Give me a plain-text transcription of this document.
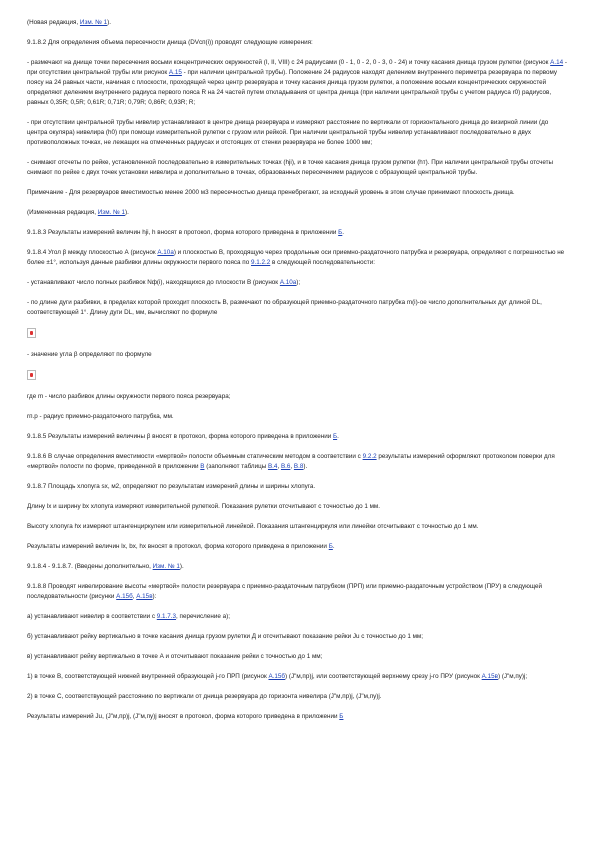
(Новая редакция, Изм. № 1).

9.1.8.2 Для определения объема пересечности днища (DVсп(i)) проводят следующие измерения:

- размечают на днище точки пересечения восьми концентрических окружностей (I, II, VIII) с 24 радиусами (0 - 1, 0 - 2, 0 - 3, 0 - 24) и точку касания днища грузом рулетки (рисунок А.14 - при отсутствии центральной трубы или рисунок А.15 - при наличии центральной трубы). Положение 24 радиусов находят делением внутреннего периметра резервуара по первому поясу на 24 равных части, начиная с плоскости, проходящей через центр резервуара и точку касания днища грузом рулетки, а положение восьми концентрических окружностей определяют делением внутреннего радиуса первого пояса R на 24 частей путем откладывания от центра днища (при наличии центральной трубы с учетом радиуса r0) радиусов, равных 0,35R; 0,5R; 0,61R; 0,71R; 0,79R; 0,86R; 0,93R; R;

- при отсутствии центральной трубы нивелир устанавливают в центре днища резервуара и измеряют расстояние по вертикали от горизонтального днища до визирной линии (до центра окуляра) нивелира (h0) при помощи измерительной рулетки с грузом или рейкой. При наличии центральной трубы нивелир устанавливают последовательно в двух противоположных точках, не лежащих на отмеченных радиусах и отстоящих от стенки резервуара не более 1000 мм;

- снимают отсчеты по рейке, установленной последовательно в измерительных точках (hji), и в точке касания днища грузом рулетки (hт). При наличии центральной трубы отсчеты снимают по рейке с двух точек установки нивелира и дополнительно в точках, образованных пересечением радиусов с образующей центральной трубы.

Примечание - Для резервуаров вместимостью менее 2000 м3 пересечностью днища пренебрегают, за исходный уровень в этом случае принимают плоскость днища.

(Измененная редакция, Изм. № 1).

9.1.8.3 Результаты измерений величин hji, h вносят в протокол, форма которого приведена в приложении Б.

9.1.8.4 Угол β между плоскостью А (рисунок А.10а) и плоскостью В, проходящую через продольные оси приемно-раздаточного патрубка и резервуара, определяют с погрешностью не более ±1°, используя данные разбивки длины окружности первого пояса по 9.1.2.2 в следующей последовательности:

- устанавливают число полных разбивок Nф(i), находящихся до плоскости В (рисунок А.10а);

- по длине дуги разбивки, в пределах которой проходит плоскость В, размечают по образующей приемно-раздаточного патрубка m(i)-ое число дополнительных дуг длиной DL, соответствующей 1°. Длину дуги DL, мм, вычисляют по формуле

- значение угла β определяют по формуле

где m - число разбивок длины окружности первого пояса резервуара;

rп.р - радиус приемно-раздаточного патрубка, мм.

9.1.8.5 Результаты измерений величины β вносят в протокол, форма которого приведена в приложении Б.

9.1.8.6 В случае определения вместимости «мертвой» полости объемным статическим методом в соответствии с 9.2.2 результаты измерений оформляют протоколом поверки для «мертвой» полости по форме, приведенной в приложении В (заполняют таблицы В.4, В.6, В.8).

9.1.8.7 Площадь хлопуга sx, м2, определяют по результатам измерений длины и ширины хлопуга.

Длину lx и ширину bx хлопуга измеряют измерительной рулеткой. Показания рулетки отсчитывают с точностью до 1 мм.

Высоту хлопуга hx измеряют штангенциркулем или измерительной линейкой. Показания штангенциркуля или линейки отсчитывают с точностью до 1 мм.

Результаты измерений величин lx, bx, hx вносят в протокол, форма которого приведена в приложении Б.

9.1.8.4 - 9.1.8.7. (Введены дополнительно, Изм. № 1).

9.1.8.8 Проводят нивелирование высоты «мертвой» полости резервуара с приемно-раздаточным патрубком (ПРП) или приемно-раздаточным устройством (ПРУ) в следующей последовательности (рисунки А.15б, А.15в):

а) устанавливают нивелир в соответствии с 9.1.7.3, перечисление а);

б) устанавливают рейку вертикально в точке касания днища грузом рулетки Д и отсчитывают показание рейки Ju с точностью до 1 мм;

в) устанавливают рейку вертикально в точке А и отсчитывают показание рейки с точностью до 1 мм;

1) в точке В, соответствующей нижней внутренней образующей j-го ПРП (рисунок А.15б) (J"м,пр)ј, или соответствующей верхнему срезу j-го ПРУ (рисунок А.15в) (J"м,пу)ј;

2) в точке С, соответствующей расстоянию по вертикали от днища резервуара до горизонта нивелира (J"м,пр)ј, (J"м,пу)ј.

Результаты измерений Ju, (J"м,пр)ј, (J"м,пу)ј вносят в протокол, форма которого приведена в приложении Б
